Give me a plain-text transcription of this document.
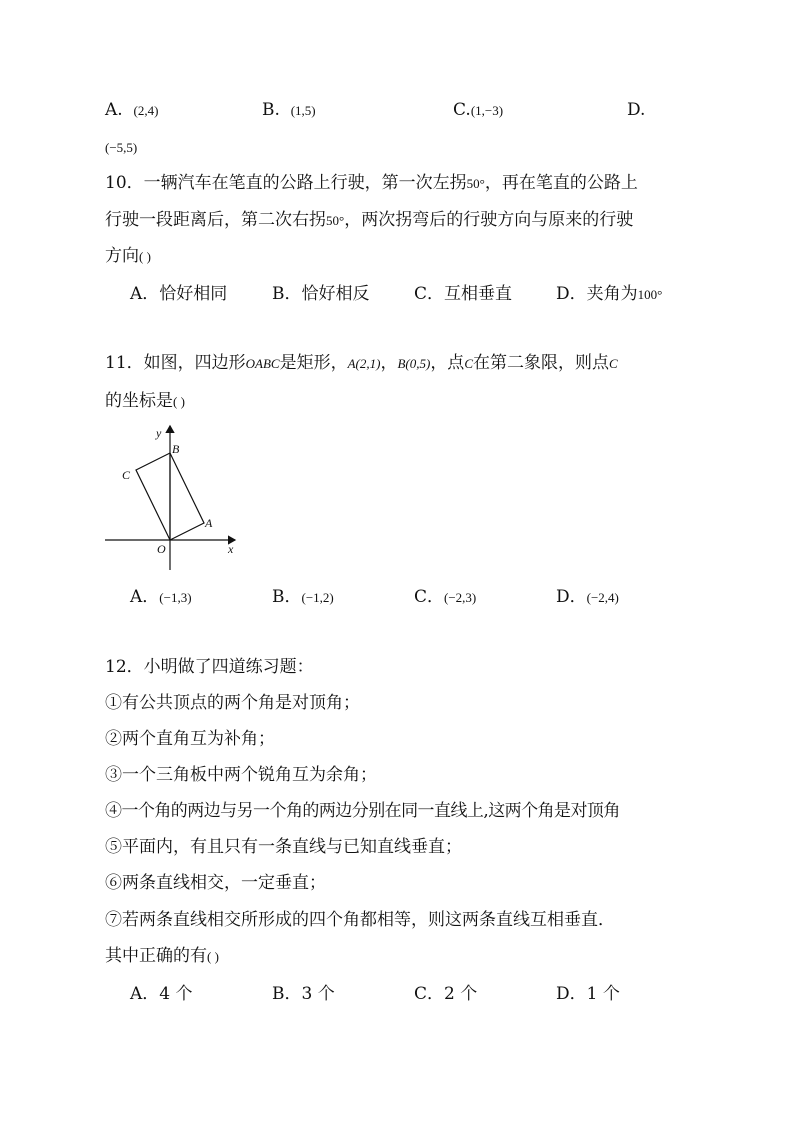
A. (2,4)	B. (1,5)	C.(1,−3)	D.
(−5,5)
10．一辆汽车在笔直的公路上行驶，第一次左拐50°，再在笔直的公路上
行驶一段距离后，第二次右拐50°，两次拐弯后的行驶方向与原来的行驶
方向( )
A．恰好相同	B．恰好相反	C．互相垂直	D．夹角为100°
11．如图，四边形OABC是矩形，A(2,1)，B(0,5)，点C在第二象限，则点C
的坐标是( )
y
B
C
A
O	x
A．(−1,3)	B．(−1,2)	C．(−2,3)	D．(−2,4)
12．小明做了四道练习题：
①有公共顶点的两个角是对顶角；
②两个直角互为补角；
③一个三角板中两个锐角互为余角；
④一个角的两边与另一个角的两边分别在同一直线上,这两个角是对顶角
⑤平面内，有且只有一条直线与已知直线垂直；
⑥两条直线相交，一定垂直；
⑦若两条直线相交所形成的四个角都相等，则这两条直线互相垂直．
其中正确的有( )
A．4 个	B．3 个	C．2 个	D．1 个
